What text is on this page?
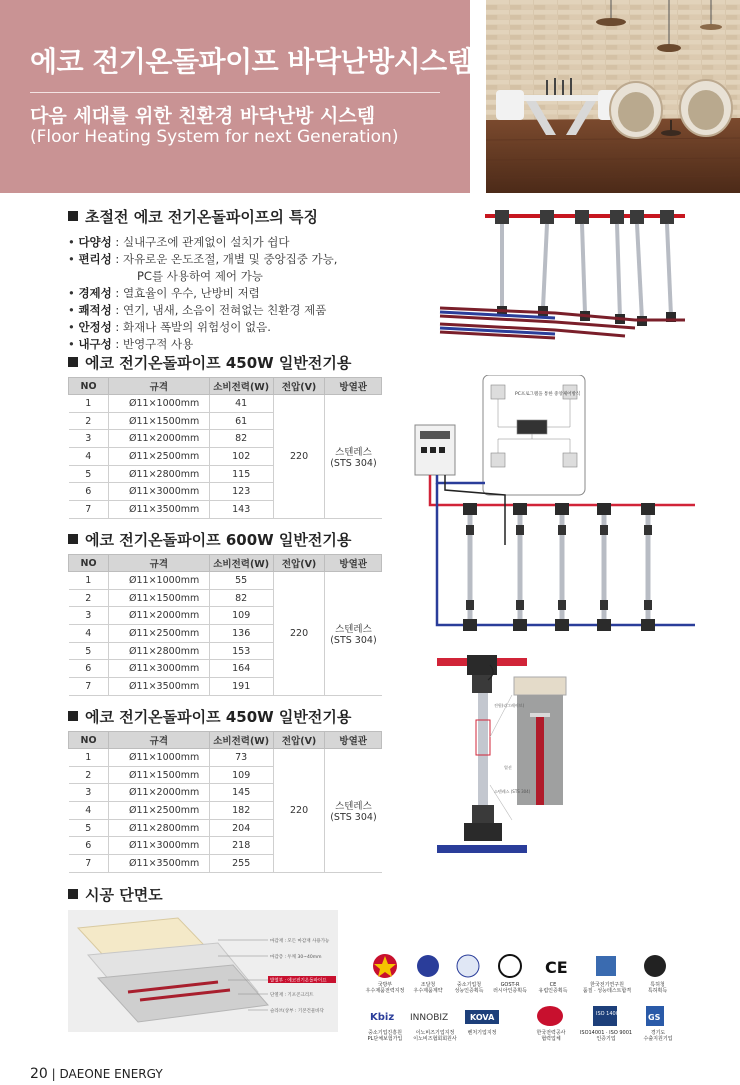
에코 전기온돌파이프 바닥난방시스템
다음 세대를 위한 친환경 바닥난방 시스템
(Floor Heating System for next Generation)
초절전 에코 전기온돌파이프의 특징
• 다양성 : 실내구조에 관계없이 설치가 쉽다
• 편리성 : 자유로운 온도조절, 개별 및 중앙집중 가능,
PC를 사용하여 제어 가능
• 경제성 : 열효율이 우수, 난방비 저렴
• 쾌적성 : 연기, 냄새, 소음이 전혀없는 친환경 제품
• 안정성 : 화재나 폭발의 위험성이 없음.
• 내구성 : 반영구적 사용
에코 전기온돌파이프 450W 일반전기용
NO	규격	소비전력(W)	전압(V)	방열관
1	Ø11×1000mm	41	220	스텐레스
(STS 304)
2	Ø11×1500mm	61		
3	Ø11×2000mm	82		
4	Ø11×2500mm	102		
5	Ø11×2800mm	115		
6	Ø11×3000mm	123		
7	Ø11×3500mm	143		
에코 전기온돌파이프 600W 일반전기용
NO	규격	소비전력(W)	전압(V)	방열관
1	Ø11×1000mm	55	220	스텐레스
(STS 304)
2	Ø11×1500mm	82		
3	Ø11×2000mm	109		
4	Ø11×2500mm	136		
5	Ø11×2800mm	153		
6	Ø11×3000mm	164		
7	Ø11×3500mm	191		
에코 전기온돌파이프 450W 일반전기용
NO	규격	소비전력(W)	전압(V)	방열관
1	Ø11×1000mm	73	220	스텐레스
(STS 304)
2	Ø11×1500mm	109		
3	Ø11×2000mm	145		
4	Ø11×2500mm	182		
5	Ø11×2800mm	204		
6	Ø11×3000mm	218		
7	Ø11×3500mm	255		
시공 단면도
마감재 : 모든 마감재 사용가능
마감층 : 두께 30~40mm
발열부 : 에코전기온돌파이프
단열재 : 기포콘크리트
슬라브(상부 : 기본건물바닥
PC프로그램을 통한 중앙제어방식
전원(리그레이브)
열선
스텐레스 (STS 304)
CE
Kbiz INNOBIZ	KOVA	ISO 14001 9001 GS
국방부
우수제품전력지정
조달청
우수제품계약
중소기업청
성능인증획득
GOST-R
러시아인증획득
CE
유럽인증획득
한국전기연구원
품질 · 성능테스트합격
특허청
특허획득
중소기업진흥원
PL단체보험가입
이노비즈기업지정
이노비즈협회회원사
벤처기업지정	한국전력공사
협력업체
ISO14001 · ISO 9001
인증기업
경기도
수출지원기업
20 | DAEONE ENERGY
